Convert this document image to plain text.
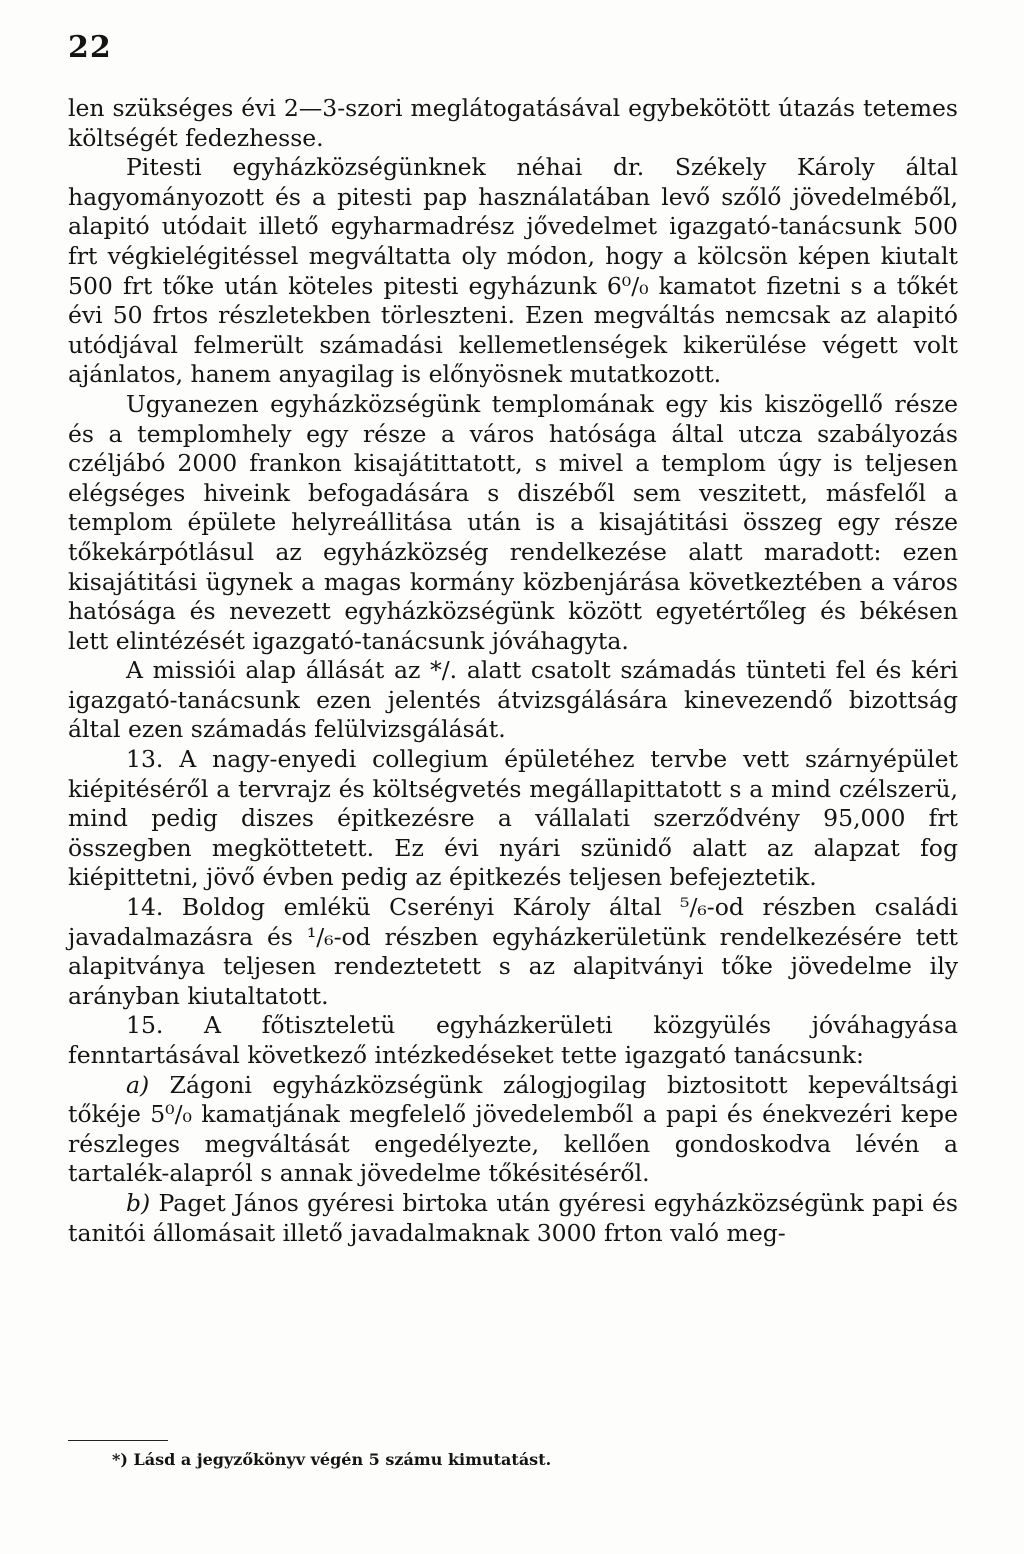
22

len szükséges évi 2—3-szori meglátogatásával egybekötött útazás tetemes költségét fedezhesse.

Pitesti egyházközségünknek néhai dr. Székely Károly által hagyományozott és a pitesti pap használatában levő szőlő jövedelméből, alapitó utódait illető egyharmadrész jővedelmet igazgató-tanácsunk 500 frt végkielégitéssel megváltatta oly módon, hogy a kölcsön képen kiutalt 500 frt tőke után köteles pitesti egyházunk 6⁰/₀ kamatot fizetni s a tőkét évi 50 frtos részletekben törleszteni. Ezen megváltás nemcsak az alapitó utódjával felmerült számadási kellemetlenségek kikerülése végett volt ajánlatos, hanem anyagilag is előnyösnek mutatkozott.

Ugyanezen egyházközségünk templomának egy kis kiszögellő része és a templomhely egy része a város hatósága által utcza szabályozás czéljábó 2000 frankon kisajátittatott, s mivel a templom úgy is teljesen elégséges hiveink befogadására s diszéből sem veszitett, másfelől a templom épülete helyreállitása után is a kisajátitási összeg egy része tőkekárpótlásul az egyházközség rendelkezése alatt maradott: ezen kisajátitási ügynek a magas kormány közbenjárása következtében a város hatósága és nevezett egyházközségünk között egyetértőleg és békésen lett elintézését igazgató-tanácsunk jóváhagyta.

A missiói alap állását az */. alatt csatolt számadás tünteti fel és kéri igazgató-tanácsunk ezen jelentés átvizsgálására kinevezendő bizottság által ezen számadás felülvizsgálását.

13. A nagy-enyedi collegium épületéhez tervbe vett szárnyépület kiépitéséről a tervrajz és költségvetés megállapittatott s a mind czélszerü, mind pedig diszes épitkezésre a vállalati szerződvény 95,000 frt összegben megköttetett. Ez évi nyári szünidő alatt az alapzat fog kiépittetni, jövő évben pedig az épitkezés teljesen befejeztetik.

14. Boldog emlékü Cserényi Károly által ⁵/₆-od részben családi javadalmazásra és ¹/₆-od részben egyházkerületünk rendelkezésére tett alapitványa teljesen rendeztetett s az alapitványi tőke jövedelme ily arányban kiutaltatott.

15. A főtiszteletü egyházkerületi közgyülés jóváhagyása fenntartásával következő intézkedéseket tette igazgató tanácsunk:

a) Zágoni egyházközségünk zálogjogilag biztositott kepeváltsági tőkéje 5⁰/₀ kamatjának megfelelő jövedelemből a papi és énekvezéri kepe részleges megváltását engedélyezte, kellően gondoskodva lévén a tartalék-alapról s annak jövedelme tőkésitéséről.

b) Paget János gyéresi birtoka után gyéresi egyházközségünk papi és tanitói állomásait illető javadalmaknak 3000 frton való meg-

*) Lásd a jegyzőkönyv végén 5 számu kimutatást.
